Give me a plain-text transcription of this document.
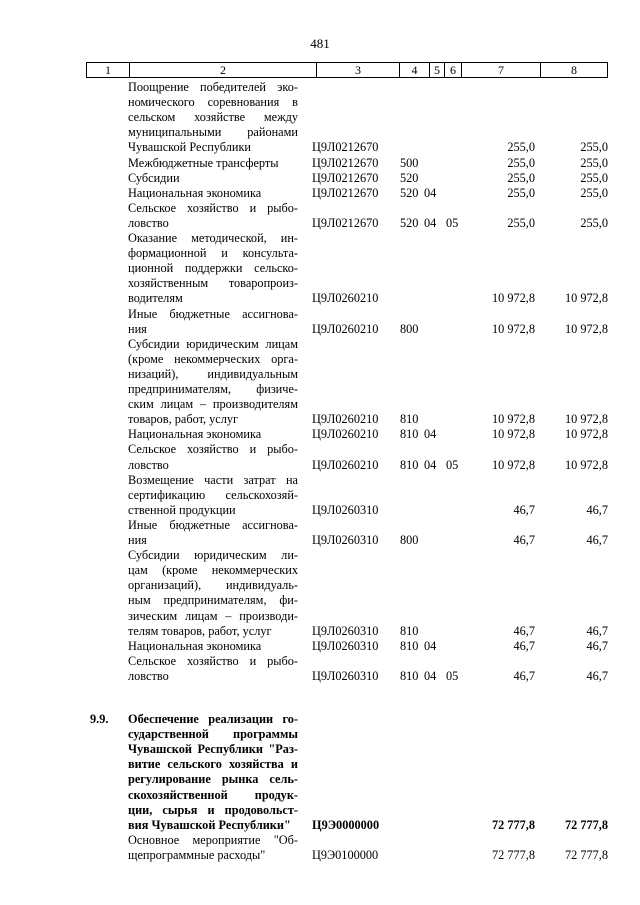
481
1	2	3	4	5	6	7	8
Поощрение победителей эко-
номического соревнования в
сельском хозяйстве между
муниципальными районами
Чувашской Республики	Ц9Л0212670	255,0	255,0
Межбюджетные трансферты	Ц9Л0212670 500	255,0	255,0
Субсидии	Ц9Л0212670 520	255,0	255,0
Национальная экономика	Ц9Л0212670 520 04	255,0	255,0
Сельское хозяйство и рыбо-
ловство	Ц9Л0212670 520 04 05	255,0	255,0
Оказание методической, ин-
формационной и консульта-
ционной поддержки сельско-
хозяйственным товаропроиз-
водителям	Ц9Л0260210	10 972,8	10 972,8
Иные бюджетные ассигнова-
ния	Ц9Л0260210 800	10 972,8	10 972,8
Субсидии юридическим лицам
(кроме некоммерческих орга-
низаций), индивидуальным
предпринимателям, физиче-
ским лицам – производителям
товаров, работ, услуг	Ц9Л0260210 810	10 972,8	10 972,8
Национальная экономика	Ц9Л0260210 810 04	10 972,8	10 972,8
Сельское хозяйство и рыбо-
ловство	Ц9Л0260210 810 04 05	10 972,8	10 972,8
Возмещение части затрат на
сертификацию сельскохозяй-
ственной продукции	Ц9Л0260310	46,7	46,7
Иные бюджетные ассигнова-
ния	Ц9Л0260310 800	46,7	46,7
Субсидии юридическим ли-
цам (кроме некоммерческих
организаций), индивидуаль-
ным предпринимателям, фи-
зическим лицам – производи-
телям товаров, работ, услуг	Ц9Л0260310 810	46,7	46,7
Национальная экономика	Ц9Л0260310 810 04	46,7	46,7
Сельское хозяйство и рыбо-
ловство	Ц9Л0260310 810 04 05	46,7	46,7
9.9. Обеспечение реализации го-
сударственной программы
Чувашской Республики "Раз-
витие сельского хозяйства и
регулирование рынка сель-
скохозяйственной продук-
ции, сырья и продовольст-
вия Чувашской Республики"	Ц9Э0000000	72 777,8	72 777,8
Основное мероприятие "Об-
щепрограммные расходы"	Ц9Э0100000	72 777,8	72 777,8
